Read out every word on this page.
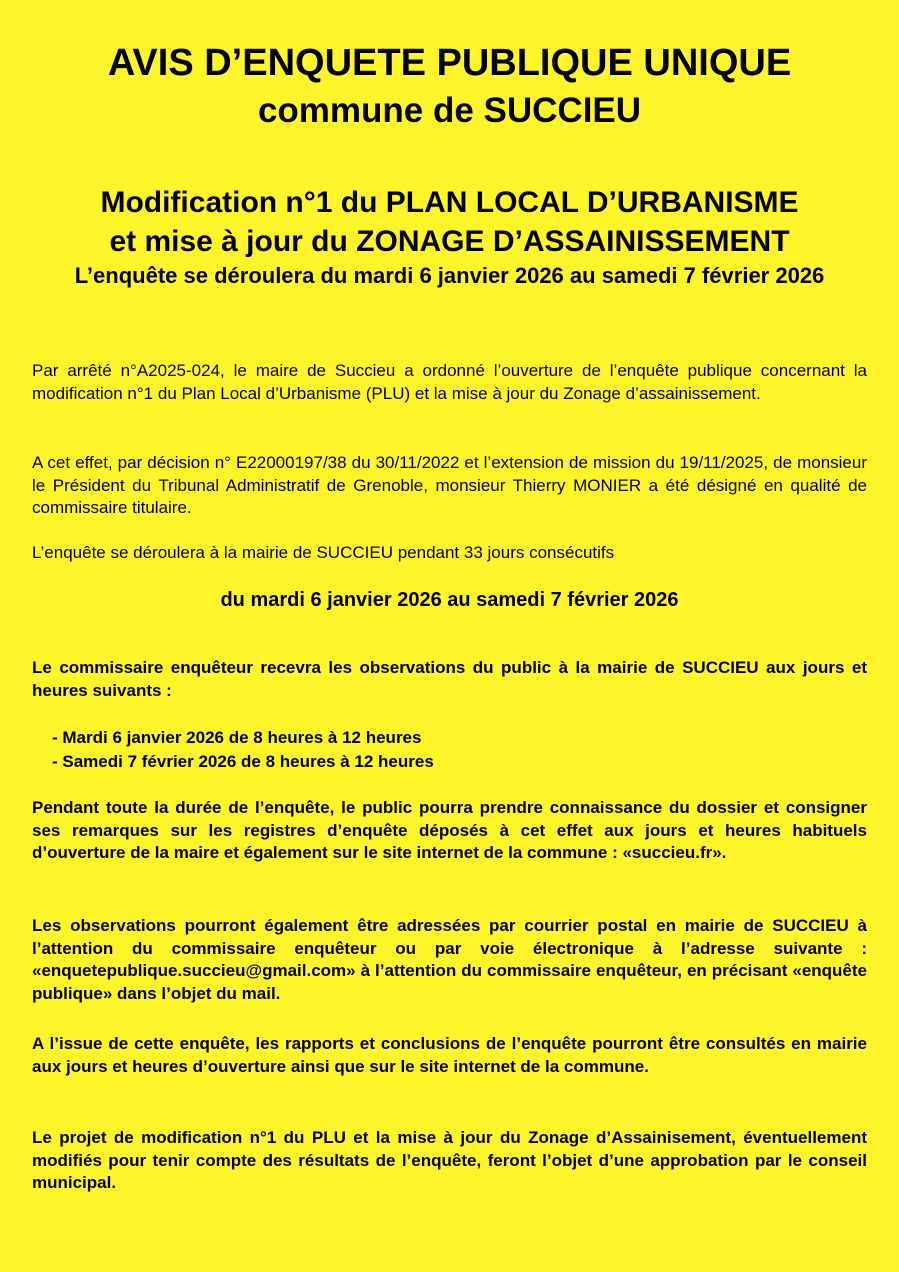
AVIS D’ENQUETE PUBLIQUE UNIQUE
commune de SUCCIEU
Modification n°1 du PLAN LOCAL D’URBANISME
et mise à jour du ZONAGE D’ASSAINISSEMENT

L’enquête se déroulera du mardi 6 janvier 2026 au samedi 7 février 2026

Par arrêté n°A2025-024, le maire de Succieu a ordonné l’ouverture de l’enquête publique concernant la modification n°1 du Plan Local d’Urbanisme (PLU) et la mise à jour du Zonage d’assainissement.

A cet effet, par décision n° E22000197/38 du 30/11/2022 et l’extension de mission du 19/11/2025, de monsieur le Président du Tribunal Administratif de Grenoble, monsieur Thierry MONIER a été désigné en qualité de commissaire titulaire.

L’enquête se déroulera à la mairie de SUCCIEU pendant 33 jours consécutifs

du mardi 6 janvier 2026 au samedi 7 février 2026

Le commissaire enquêteur recevra les observations du public à la mairie de SUCCIEU aux jours et heures suivants :

- Mardi 6 janvier 2026 de 8 heures à 12 heures
- Samedi 7 février 2026 de 8 heures à 12 heures

Pendant toute la durée de l’enquête, le public pourra prendre connaissance du dossier et consigner ses remarques sur les registres d’enquête déposés à cet effet aux jours et heures habituels d’ouverture de la maire et également sur le site internet de la commune : «succieu.fr».

Les observations pourront également être adressées par courrier postal en mairie de SUCCIEU à l’attention du commissaire enquêteur ou par voie électronique à l’adresse suivante : «enquetepublique.succieu@gmail.com» à l’attention du commissaire enquêteur, en précisant «enquête publique» dans l’objet du mail.

A l’issue de cette enquête, les rapports et conclusions de l’enquête pourront être consultés en mairie aux jours et heures d’ouverture ainsi que sur le site internet de la commune.

Le projet de modification n°1 du PLU et la mise à jour du Zonage d’Assainisement, éventuellement modifiés pour tenir compte des résultats de l’enquête, feront l’objet d’une approbation par le conseil municipal.
